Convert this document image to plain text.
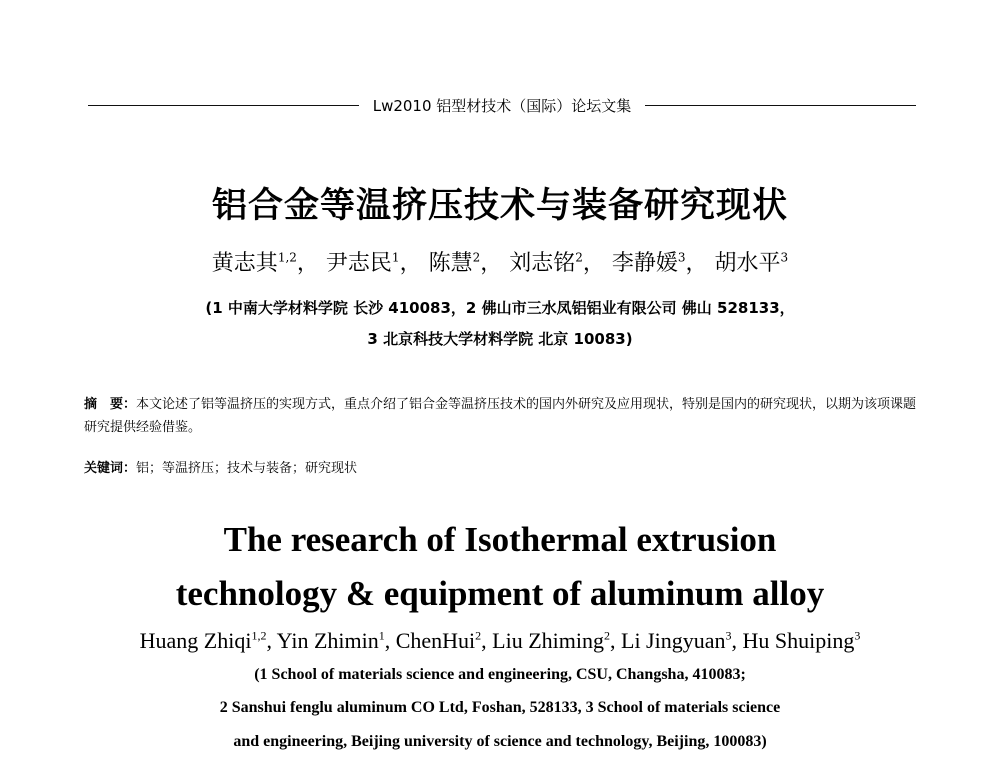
Lw2010 铝型材技术（国际）论坛文集
铝合金等温挤压技术与装备研究现状
黄志其$^{1,2}$， 尹志民$^1$， 陈慧$^2$， 刘志铭$^2$， 李静媛$^3$， 胡水平$^3$
(1 中南大学材料学院 长沙 410083，2 佛山市三水凤铝铝业有限公司 佛山 528133，
3 北京科技大学材料学院 北京 10083)
摘　要：本文论述了铝等温挤压的实现方式，重点介绍了铝合金等温挤压技术的国内外研究及应用现状，特别是国内的研究现状，以期为该项课题研究提供经验借鉴。
关键词：铝；等温挤压；技术与装备；研究现状
The research of Isothermal extrusion
technology & equipment of aluminum alloy
Huang Zhiqi$^{1,2}$, Yin Zhimin$^1$, ChenHui$^2$, Liu Zhiming$^2$, Li Jingyuan$^3$, Hu Shuiping$^3$
(1 School of materials science and engineering, CSU, Changsha, 410083;
2 Sanshui fenglu aluminum CO Ltd, Foshan, 528133, 3 School of materials science
and engineering, Beijing university of science and technology, Beijing, 100083)
